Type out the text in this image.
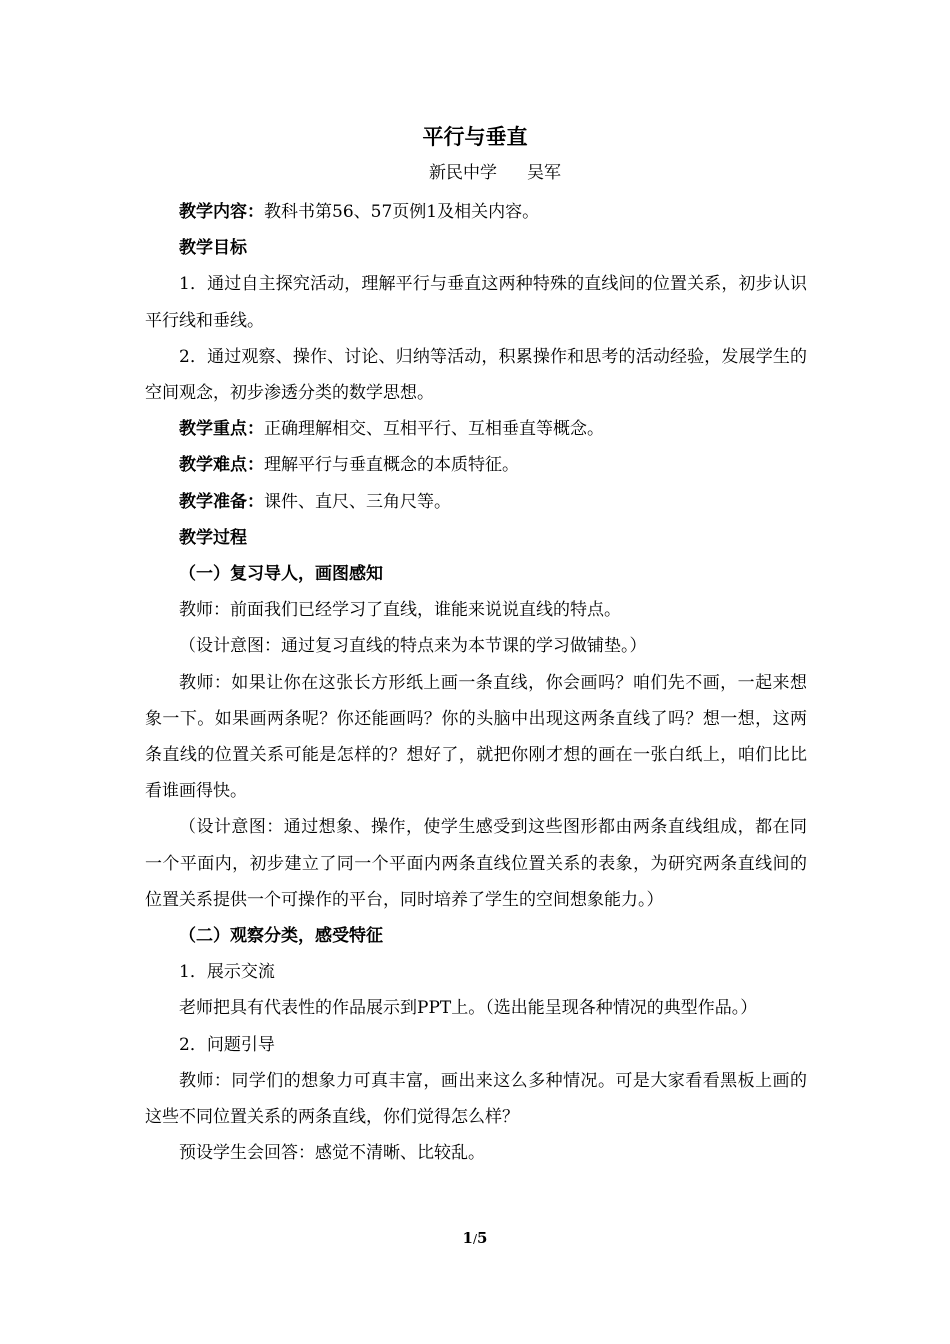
平行与垂直
新民中学 吴军

教学内容：教科书第56、57页例1及相关内容。

教学目标

1．通过自主探究活动，理解平行与垂直这两种特殊的直线间的位置关系，初步认识平行线和垂线。

2．通过观察、操作、讨论、归纳等活动，积累操作和思考的活动经验，发展学生的空间观念，初步渗透分类的数学思想。

教学重点：正确理解相交、互相平行、互相垂直等概念。

教学难点：理解平行与垂直概念的本质特征。

教学准备：课件、直尺、三角尺等。

教学过程

（一）复习导人，画图感知

教师：前面我们已经学习了直线，谁能来说说直线的特点。

（设计意图：通过复习直线的特点来为本节课的学习做铺垫。）

教师：如果让你在这张长方形纸上画一条直线，你会画吗？咱们先不画，一起来想象一下。如果画两条呢？你还能画吗？你的头脑中出现这两条直线了吗？想一想，这两条直线的位置关系可能是怎样的？想好了，就把你刚才想的画在一张白纸上，咱们比比看谁画得快。

（设计意图：通过想象、操作，使学生感受到这些图形都由两条直线组成，都在同一个平面内，初步建立了同一个平面内两条直线位置关系的表象，为研究两条直线间的位置关系提供一个可操作的平台，同时培养了学生的空间想象能力。）

（二）观察分类，感受特征

1．展示交流

老师把具有代表性的作品展示到PPT上。（选出能呈现各种情况的典型作品。）

2．问题引导

教师：同学们的想象力可真丰富，画出来这么多种情况。可是大家看看黑板上画的这些不同位置关系的两条直线，你们觉得怎么样？

预设学生会回答：感觉不清晰、比较乱。

1/5
